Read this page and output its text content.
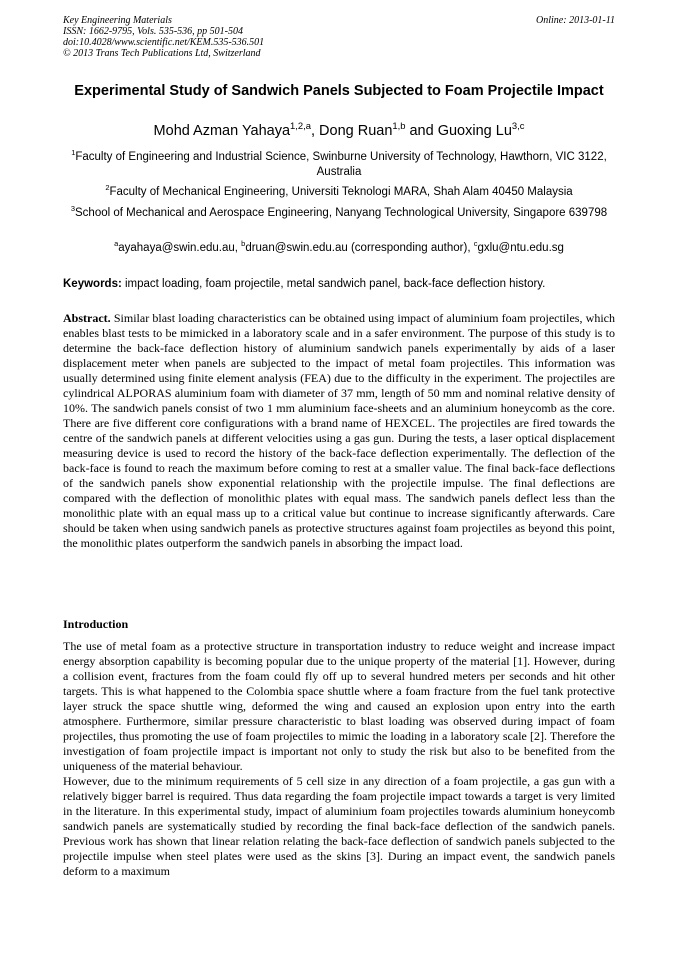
Key Engineering Materials
ISSN: 1662-9795, Vols. 535-536, pp 501-504
doi:10.4028/www.scientific.net/KEM.535-536.501
© 2013 Trans Tech Publications Ltd, Switzerland
Online: 2013-01-11
Experimental Study of Sandwich Panels Subjected to Foam Projectile Impact
Mohd Azman Yahaya$^{1,2,a}$, Dong Ruan$^{1,b}$ and Guoxing Lu$^{3,c}$
$^1$Faculty of Engineering and Industrial Science, Swinburne University of Technology, Hawthorn, VIC 3122, Australia
$^2$Faculty of Mechanical Engineering, Universiti Teknologi MARA, Shah Alam 40450 Malaysia
$^3$School of Mechanical and Aerospace Engineering, Nanyang Technological University, Singapore 639798
$^a$ayahaya@swin.edu.au, $^b$druan@swin.edu.au (corresponding author), $^c$gxlu@ntu.edu.sg
Keywords: impact loading, foam projectile, metal sandwich panel, back-face deflection history.
Abstract. Similar blast loading characteristics can be obtained using impact of aluminium foam projectiles, which enables blast tests to be mimicked in a laboratory scale and in a safer environment. The purpose of this study is to determine the back-face deflection history of aluminium sandwich panels experimentally by aids of a laser displacement meter when panels are subjected to the impact of metal foam projectiles. This information was usually determined using finite element analysis (FEA) due to the difficulty in the experiment. The projectiles are cylindrical ALPORAS aluminium foam with diameter of 37 mm, length of 50 mm and nominal relative density of 10%. The sandwich panels consist of two 1 mm aluminium face-sheets and an aluminium honeycomb as the core. There are five different core configurations with a brand name of HEXCEL. The projectiles are fired towards the centre of the sandwich panels at different velocities using a gas gun. During the tests, a laser optical displacement measuring device is used to record the history of the back-face deflection experimentally. The deflection of the back-face is found to reach the maximum before coming to rest at a smaller value. The final back-face deflections of the sandwich panels show exponential relationship with the projectile impulse. The final deflections are compared with the deflection of monolithic plates with equal mass. The sandwich panels deflect less than the monolithic plate with an equal mass up to a critical value but continue to increase significantly afterwards. Care should be taken when using sandwich panels as protective structures against foam projectiles as beyond this point, the monolithic plates outperform the sandwich panels in absorbing the impact load.
Introduction

The use of metal foam as a protective structure in transportation industry to reduce weight and increase impact energy absorption capability is becoming popular due to the unique property of the material [1]. However, during a collision event, fractures from the foam could fly off up to several hundred meters per seconds and hit other targets. This is what happened to the Colombia space shuttle where a foam fracture from the fuel tank protective layer struck the space shuttle wing, deformed the wing and caused an explosion upon entry into the earth atmosphere. Furthermore, similar pressure characteristic to blast loading was observed during impact of foam projectiles, thus promoting the use of foam projectiles to mimic the loading in a laboratory scale [2]. Therefore the investigation of foam projectile impact is important not only to study the risk but also to be benefited from the uniqueness of the material behaviour.

However, due to the minimum requirements of 5 cell size in any direction of a foam projectile, a gas gun with a relatively bigger barrel is required. Thus data regarding the foam projectile impact towards a target is very limited in the literature. In this experimental study, impact of aluminium foam projectiles towards aluminium honeycomb sandwich panels are systematically studied by recording the final back-face deflection of the sandwich panels. Previous work has shown that linear relation relating the back-face deflection of sandwich panels subjected to the projectile impulse when steel plates were used as the skins [3]. During an impact event, the sandwich panels deform to a maximum
